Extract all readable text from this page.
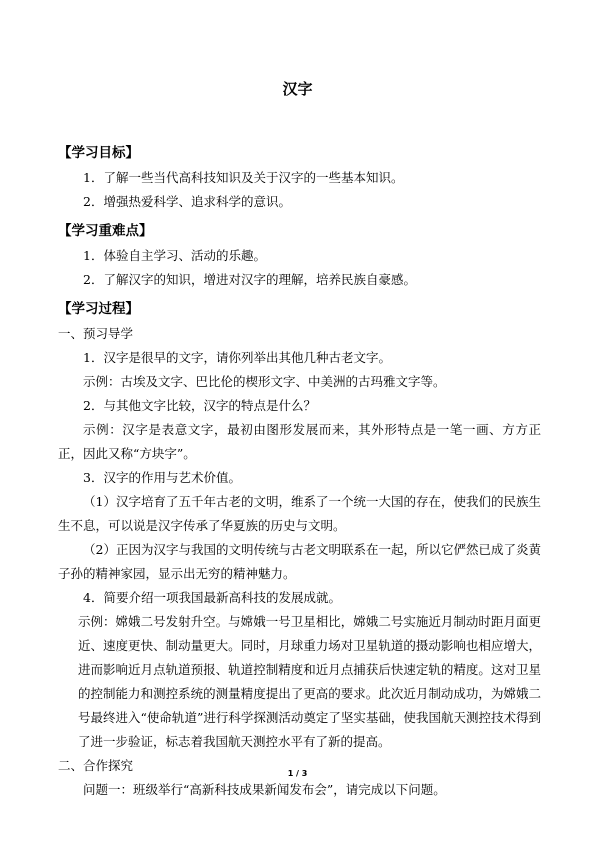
汉字
【学习目标】
1．了解一些当代高科技知识及关于汉字的一些基本知识。
2．增强热爱科学、追求科学的意识。
【学习重难点】
1．体验自主学习、活动的乐趣。
2．了解汉字的知识，增进对汉字的理解，培养民族自豪感。
【学习过程】
一、预习导学
1．汉字是很早的文字，请你列举出其他几种古老文字。
示例：古埃及文字、巴比伦的楔形文字、中美洲的古玛雅文字等。
2．与其他文字比较，汉字的特点是什么？
示例：汉字是表意文字，最初由图形发展而来，其外形特点是一笔一画、方方正正，因此又称“方块字”。
3．汉字的作用与艺术价值。
（1）汉字培育了五千年古老的文明，维系了一个统一大国的存在，使我们的民族生生不息，可以说是汉字传承了华夏族的历史与文明。
（2）正因为汉字与我国的文明传统与古老文明联系在一起，所以它俨然已成了炎黄子孙的精神家园，显示出无穷的精神魅力。
4．简要介绍一项我国最新高科技的发展成就。
示例：嫦娥二号发射升空。与嫦娥一号卫星相比，嫦娥二号实施近月制动时距月面更近、速度更快、制动量更大。同时，月球重力场对卫星轨道的摄动影响也相应增大，进而影响近月点轨道预报、轨道控制精度和近月点捕获后快速定轨的精度。这对卫星的控制能力和测控系统的测量精度提出了更高的要求。此次近月制动成功，为嫦娥二号最终进入“使命轨道”进行科学探测活动奠定了坚实基础，使我国航天测控技术得到了进一步验证，标志着我国航天测控水平有了新的提高。
二、合作探究
问题一：班级举行“高新科技成果新闻发布会”，请完成以下问题。
1 / 3
